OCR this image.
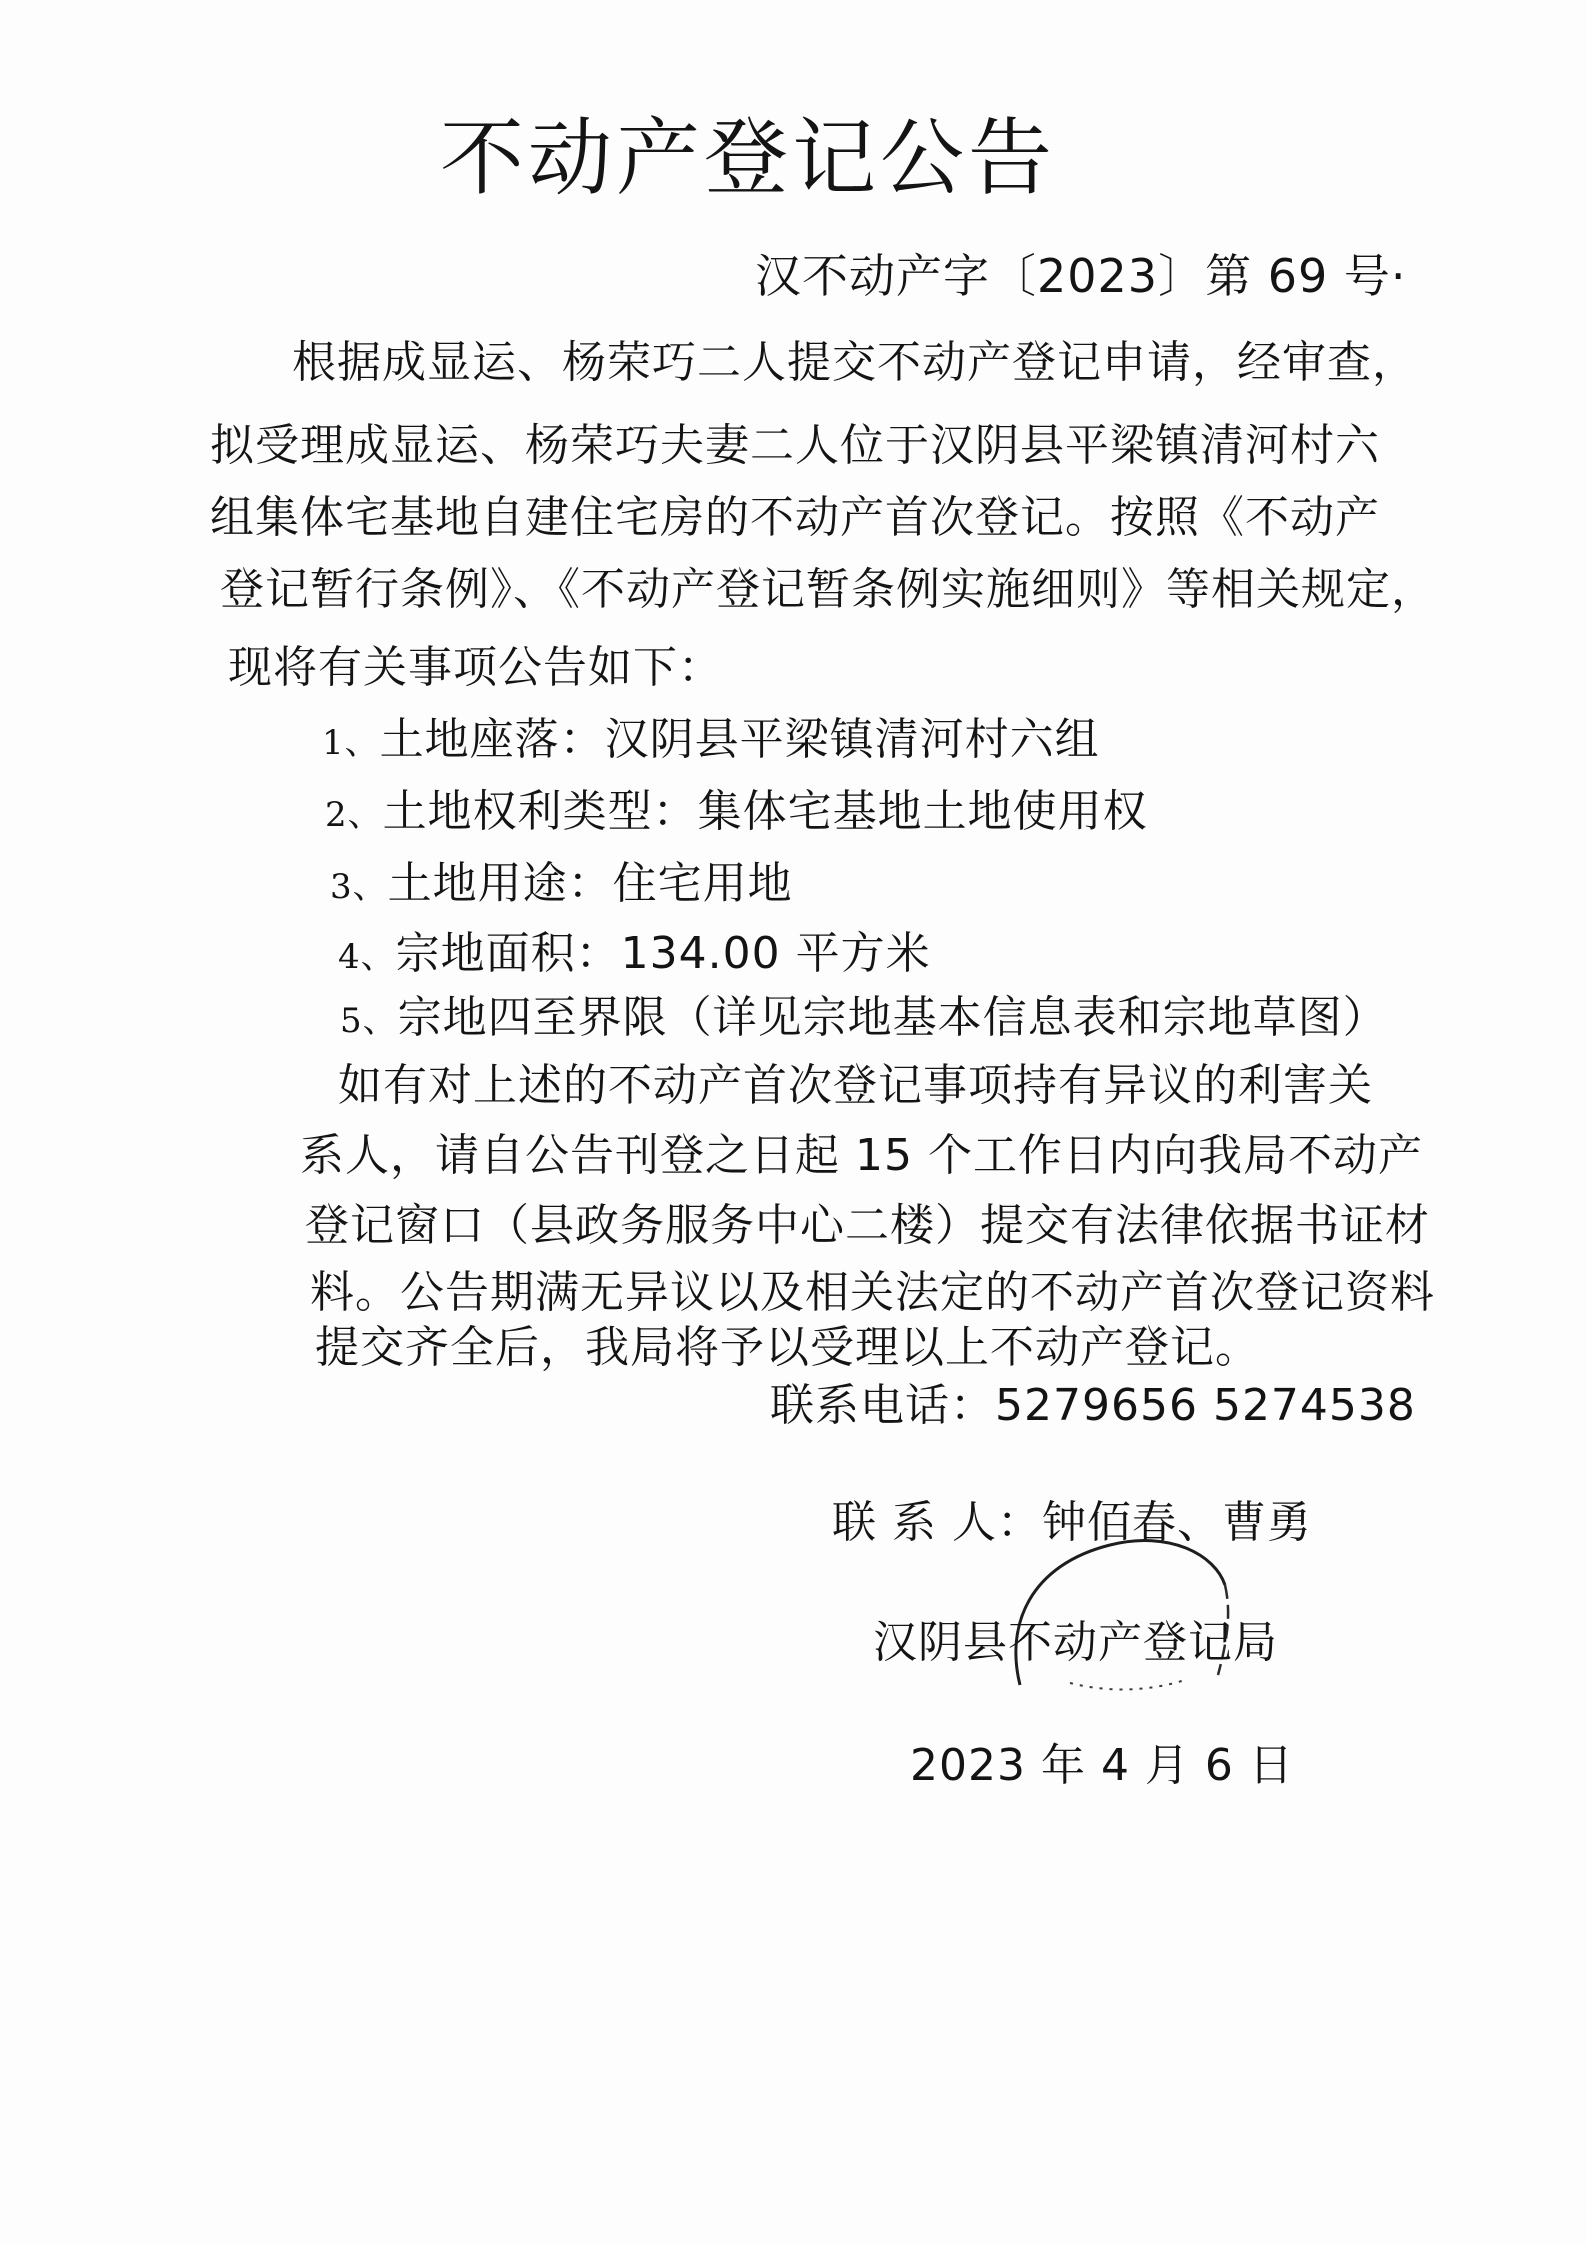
不动产登记公告
汉不动产字〔2023〕第 69 号·
根据成显运、杨荣巧二人提交不动产登记申请，经审查，
拟受理成显运、杨荣巧夫妻二人位于汉阴县平梁镇清河村六
组集体宅基地自建住宅房的不动产首次登记。按照《不动产
登记暂行条例》、《不动产登记暂条例实施细则》等相关规定，
现将有关事项公告如下：
1、土地座落：汉阴县平梁镇清河村六组
2、土地权利类型：集体宅基地土地使用权
3、土地用途：住宅用地
4、宗地面积：134.00 平方米
5、宗地四至界限（详见宗地基本信息表和宗地草图）
如有对上述的不动产首次登记事项持有异议的利害关
系人，请自公告刊登之日起 15 个工作日内向我局不动产
登记窗口（县政务服务中心二楼）提交有法律依据书证材
料。公告期满无异议以及相关法定的不动产首次登记资料
提交齐全后，我局将予以受理以上不动产登记。
联系电话：5279656 5274538
联 系 人：钟佰春、曹勇
汉阴县不动产登记局
2023 年 4 月 6 日
